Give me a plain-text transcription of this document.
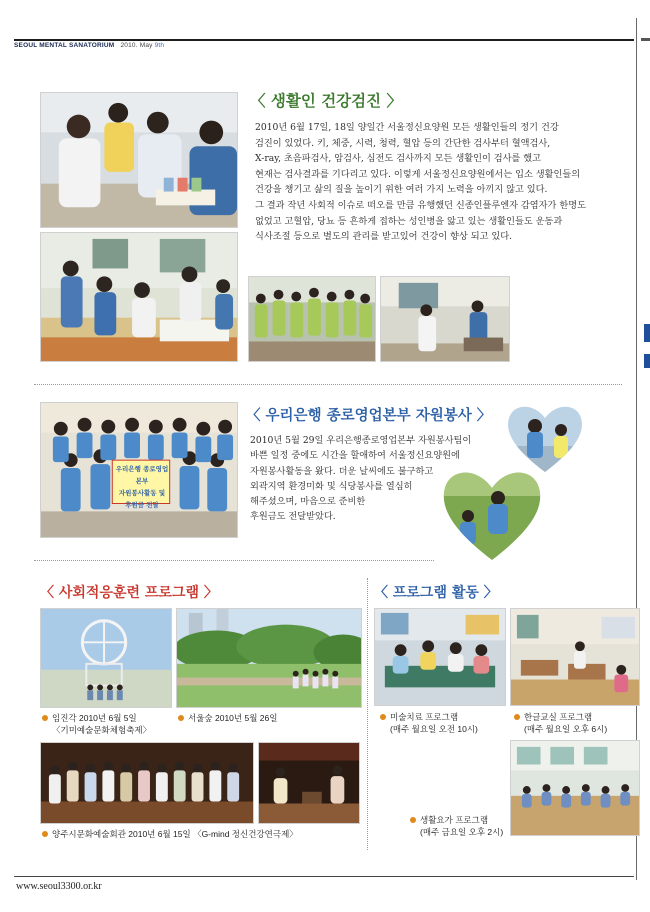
SEOUL MENTAL SANATORIUM 2010. May 9th
〈 생활인 건강검진 〉

2010년 6월 17일, 18일 양일간 서울정신요양원 모든 생활인들의 정기 건강

검진이 있었다. 키, 체중, 시력, 청력, 혈압 등의 간단한 검사부터 혈액검사,

X-ray, 초음파검사, 암검사, 심전도 검사까지 모든 생활인이 검사를 했고

현재는 검사결과를 기다리고 있다. 이렇게 서울정신요양원에서는 입소 생활인들의

건강을 챙기고 삶의 질을 높이기 위한 여러 가지 노력을 아끼지 않고 있다.

그 결과 작년 사회적 이슈로 떠오를 만큼 유행했던 신종인플루엔자 감염자가 한명도

없었고 고혈압, 당뇨 등 흔하게 접하는 성인병을 앓고 있는 생활인들도 운동과

식사조절 등으로 별도의 관리를 받고있어 건강이 향상 되고 있다.

우리은행 종로영업본부
자원봉사활동 및
후원금 전달
〈 우리은행 종로영업본부 자원봉사 〉

2010년 5월 29일 우리은행종로영업본부 자원봉사팀이

바쁜 일정 중에도 시간을 할애하여 서울정신요양원에

자원봉사활동을 왔다. 더운 날씨에도 불구하고

외곽지역 환경미화 및 식당봉사를 열심히

해주셨으며, 마음으로 준비한

후원금도 전달받았다.

〈 사회적응훈련 프로그램 〉
임진각 2010년 6월 5일
〈기미예술문화체험축제〉
서울숲 2010년 5월 26일
양주시문화예술회관 2010년 6월 15일 〈G-mind 정신건강연극제〉
〈 프로그램 활동 〉
미술치료 프로그램
(매주 월요일 오전 10시)
한글교실 프로그램
(매주 월요일 오후 6시)
생활요가 프로그램
(매주 금요일 오후 2시)
www.seoul3300.or.kr
